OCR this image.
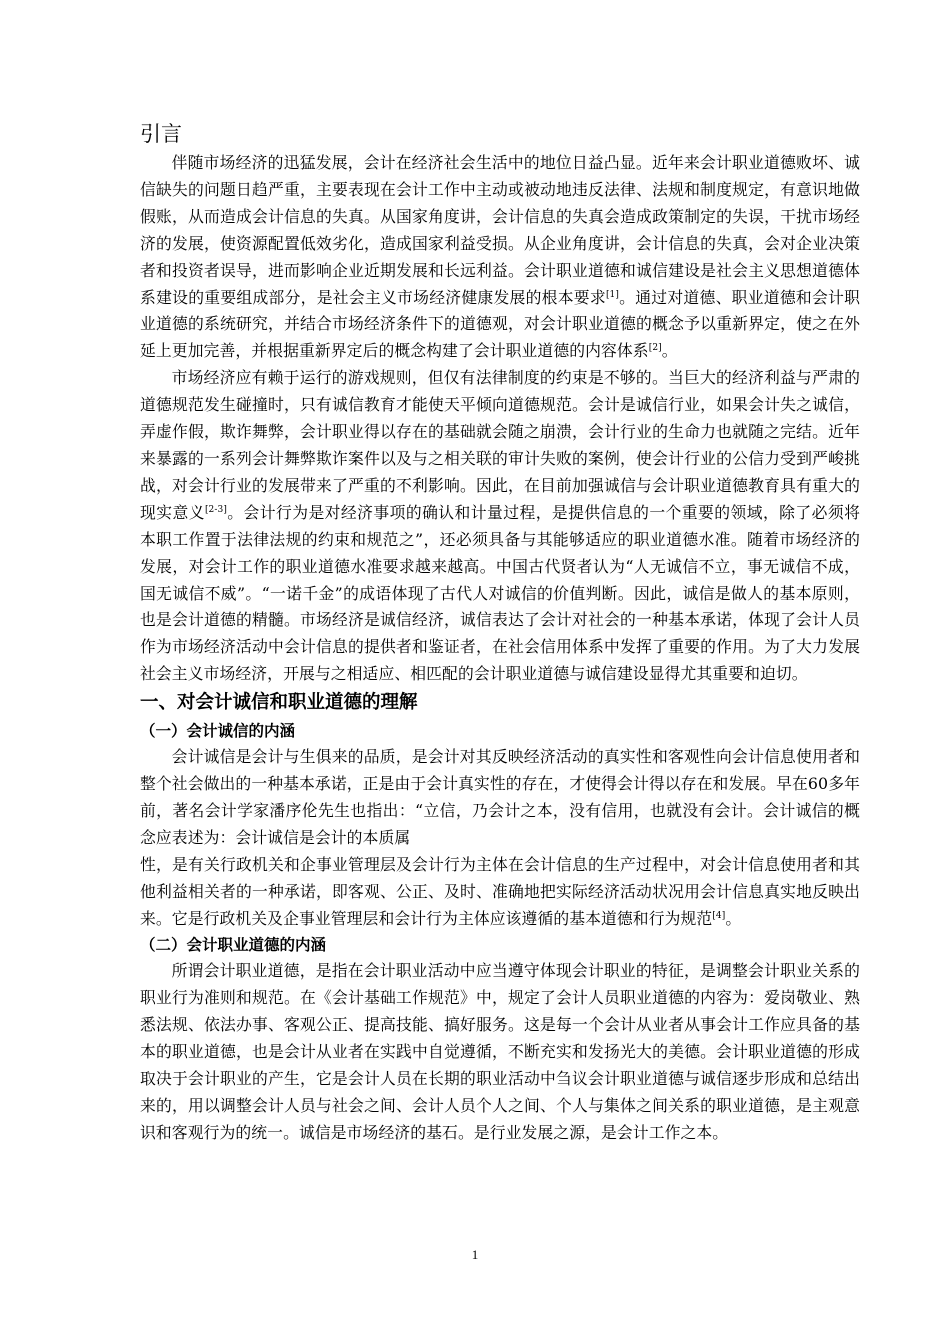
引言

伴随市场经济的迅猛发展，会计在经济社会生活中的地位日益凸显。近年来会计职业道德败坏、诚信缺失的问题日趋严重，主要表现在会计工作中主动或被动地违反法律、法规和制度规定，有意识地做假账，从而造成会计信息的失真。从国家角度讲，会计信息的失真会造成政策制定的失误，干扰市场经济的发展，使资源配置低效劣化，造成国家利益受损。从企业角度讲，会计信息的失真，会对企业决策者和投资者误导，进而影响企业近期发展和长远利益。会计职业道德和诚信建设是社会主义思想道德体系建设的重要组成部分，是社会主义市场经济健康发展的根本要求[1]。通过对道德、职业道德和会计职业道德的系统研究，并结合市场经济条件下的道德观，对会计职业道德的概念予以重新界定，使之在外延上更加完善，并根据重新界定后的概念构建了会计职业道德的内容体系[2]。

市场经济应有赖于运行的游戏规则，但仅有法律制度的约束是不够的。当巨大的经济利益与严肃的道德规范发生碰撞时，只有诚信教育才能使天平倾向道德规范。会计是诚信行业，如果会计失之诚信，弄虚作假，欺诈舞弊，会计职业得以存在的基础就会随之崩溃，会计行业的生命力也就随之完结。近年来暴露的一系列会计舞弊欺诈案件以及与之相关联的审计失败的案例，使会计行业的公信力受到严峻挑战，对会计行业的发展带来了严重的不利影响。因此，在目前加强诚信与会计职业道德教育具有重大的现实意义[2-3]。会计行为是对经济事项的确认和计量过程，是提供信息的一个重要的领域，除了必须将本职工作置于法律法规的约束和规范之”，还必须具备与其能够适应的职业道德水准。随着市场经济的发展，对会计工作的职业道德水准要求越来越高。中国古代贤者认为“人无诚信不立，事无诚信不成，国无诚信不威”。“一诺千金”的成语体现了古代人对诚信的价值判断。因此，诚信是做人的基本原则，也是会计道德的精髓。市场经济是诚信经济，诚信表达了会计对社会的一种基本承诺，体现了会计人员作为市场经济活动中会计信息的提供者和鉴证者，在社会信用体系中发挥了重要的作用。为了大力发展社会主义市场经济，开展与之相适应、相匹配的会计职业道德与诚信建设显得尤其重要和迫切。

一、对会计诚信和职业道德的理解
（一）会计诚信的内涵

会计诚信是会计与生俱来的品质，是会计对其反映经济活动的真实性和客观性向会计信息使用者和整个社会做出的一种基本承诺，正是由于会计真实性的存在，才使得会计得以存在和发展。早在60多年前，著名会计学家潘序伦先生也指出：“立信，乃会计之本，没有信用，也就没有会计。会计诚信的概念应表述为：会计诚信是会计的本质属

性，是有关行政机关和企事业管理层及会计行为主体在会计信息的生产过程中，对会计信息使用者和其他利益相关者的一种承诺，即客观、公正、及时、准确地把实际经济活动状况用会计信息真实地反映出来。它是行政机关及企事业管理层和会计行为主体应该遵循的基本道德和行为规范[4]。

（二）会计职业道德的内涵

所谓会计职业道德，是指在会计职业活动中应当遵守体现会计职业的特征，是调整会计职业关系的职业行为准则和规范。在《会计基础工作规范》中，规定了会计人员职业道德的内容为：爱岗敬业、熟悉法规、依法办事、客观公正、提高技能、搞好服务。这是每一个会计从业者从事会计工作应具备的基本的职业道德，也是会计从业者在实践中自觉遵循，不断充实和发扬光大的美德。会计职业道德的形成取决于会计职业的产生，它是会计人员在长期的职业活动中刍议会计职业道德与诚信逐步形成和总结出来的，用以调整会计人员与社会之间、会计人员个人之间、个人与集体之间关系的职业道德，是主观意识和客观行为的统一。诚信是市场经济的基石。是行业发展之源，是会计工作之本。

1
